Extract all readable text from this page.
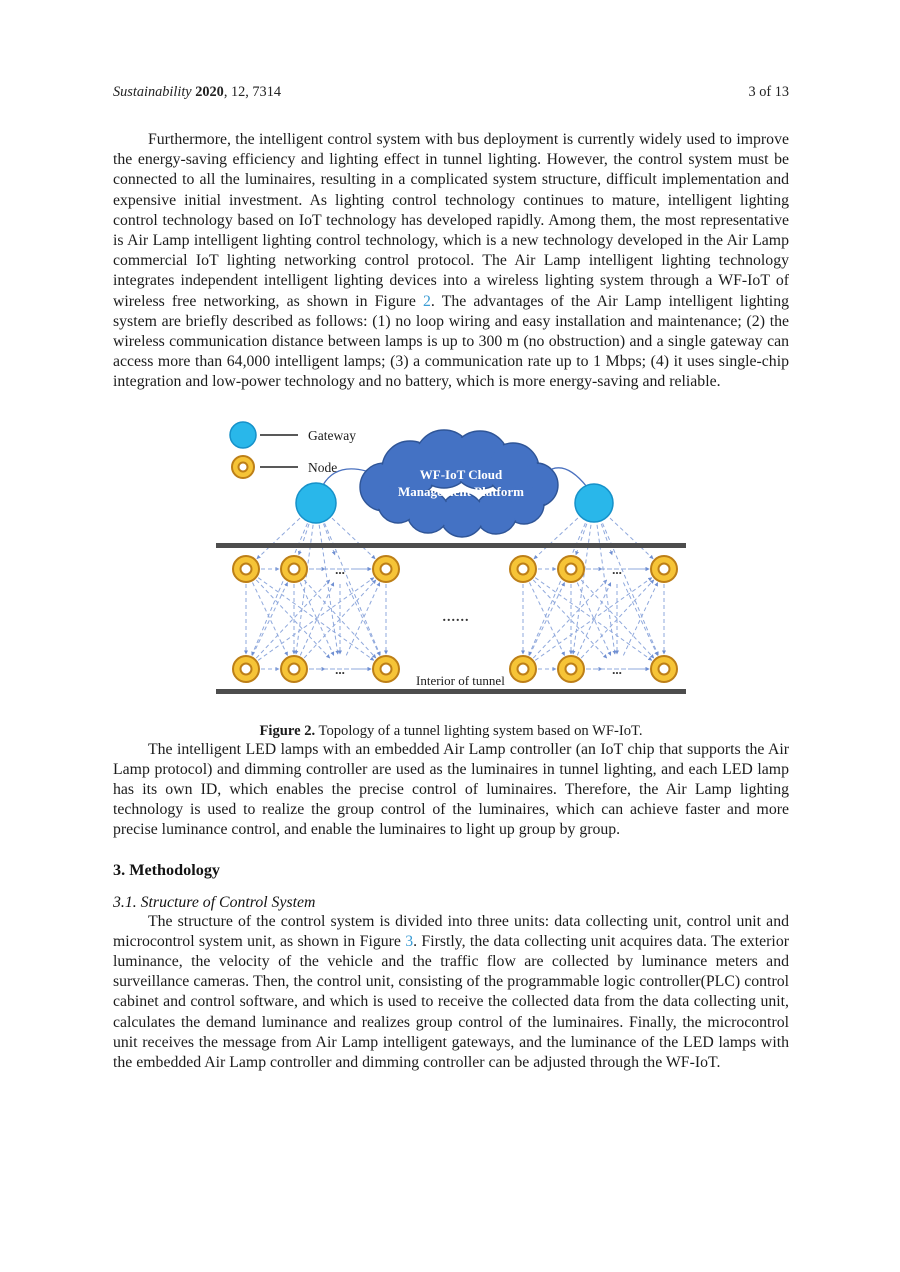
Sustainability 2020, 12, 7314	3 of 13

Furthermore, the intelligent control system with bus deployment is currently widely used to improve the energy-saving efficiency and lighting effect in tunnel lighting. However, the control system must be connected to all the luminaires, resulting in a complicated system structure, difficult implementation and expensive initial investment. As lighting control technology continues to mature, intelligent lighting control technology based on IoT technology has developed rapidly. Among them, the most representative is Air Lamp intelligent lighting control technology, which is a new technology developed in the Air Lamp commercial IoT lighting networking control protocol. The Air Lamp intelligent lighting technology integrates independent intelligent lighting devices into a wireless lighting system through a WF-IoT of wireless free networking, as shown in Figure 2. The advantages of the Air Lamp intelligent lighting system are briefly described as follows: (1) no loop wiring and easy installation and maintenance; (2) the wireless communication distance between lamps is up to 300 m (no obstruction) and a single gateway can access more than 64,000 intelligent lamps; (3) a communication rate up to 1 Mbps; (4) it uses single-chip integration and low-power technology and no battery, which is more energy-saving and reliable.

WF-IoT Cloud
Management Platform
...
...
...
...
......
Interior of tunnel
Gateway
Node
Figure 2. Topology of a tunnel lighting system based on WF-IoT.

The intelligent LED lamps with an embedded Air Lamp controller (an IoT chip that supports the Air Lamp protocol) and dimming controller are used as the luminaires in tunnel lighting, and each LED lamp has its own ID, which enables the precise control of luminaires. Therefore, the Air Lamp lighting technology is used to realize the group control of the luminaires, which can achieve faster and more precise luminance control, and enable the luminaires to light up group by group.

3. Methodology
3.1. Structure of Control System

The structure of the control system is divided into three units: data collecting unit, control unit and microcontrol system unit, as shown in Figure 3. Firstly, the data collecting unit acquires data. The exterior luminance, the velocity of the vehicle and the traffic flow are collected by luminance meters and surveillance cameras. Then, the control unit, consisting of the programmable logic controller(PLC) control cabinet and control software, and which is used to receive the collected data from the data collecting unit, calculates the demand luminance and realizes group control of the luminaires. Finally, the microcontrol unit receives the message from Air Lamp intelligent gateways, and the luminance of the LED lamps with the embedded Air Lamp controller and dimming controller can be adjusted through the WF-IoT.
